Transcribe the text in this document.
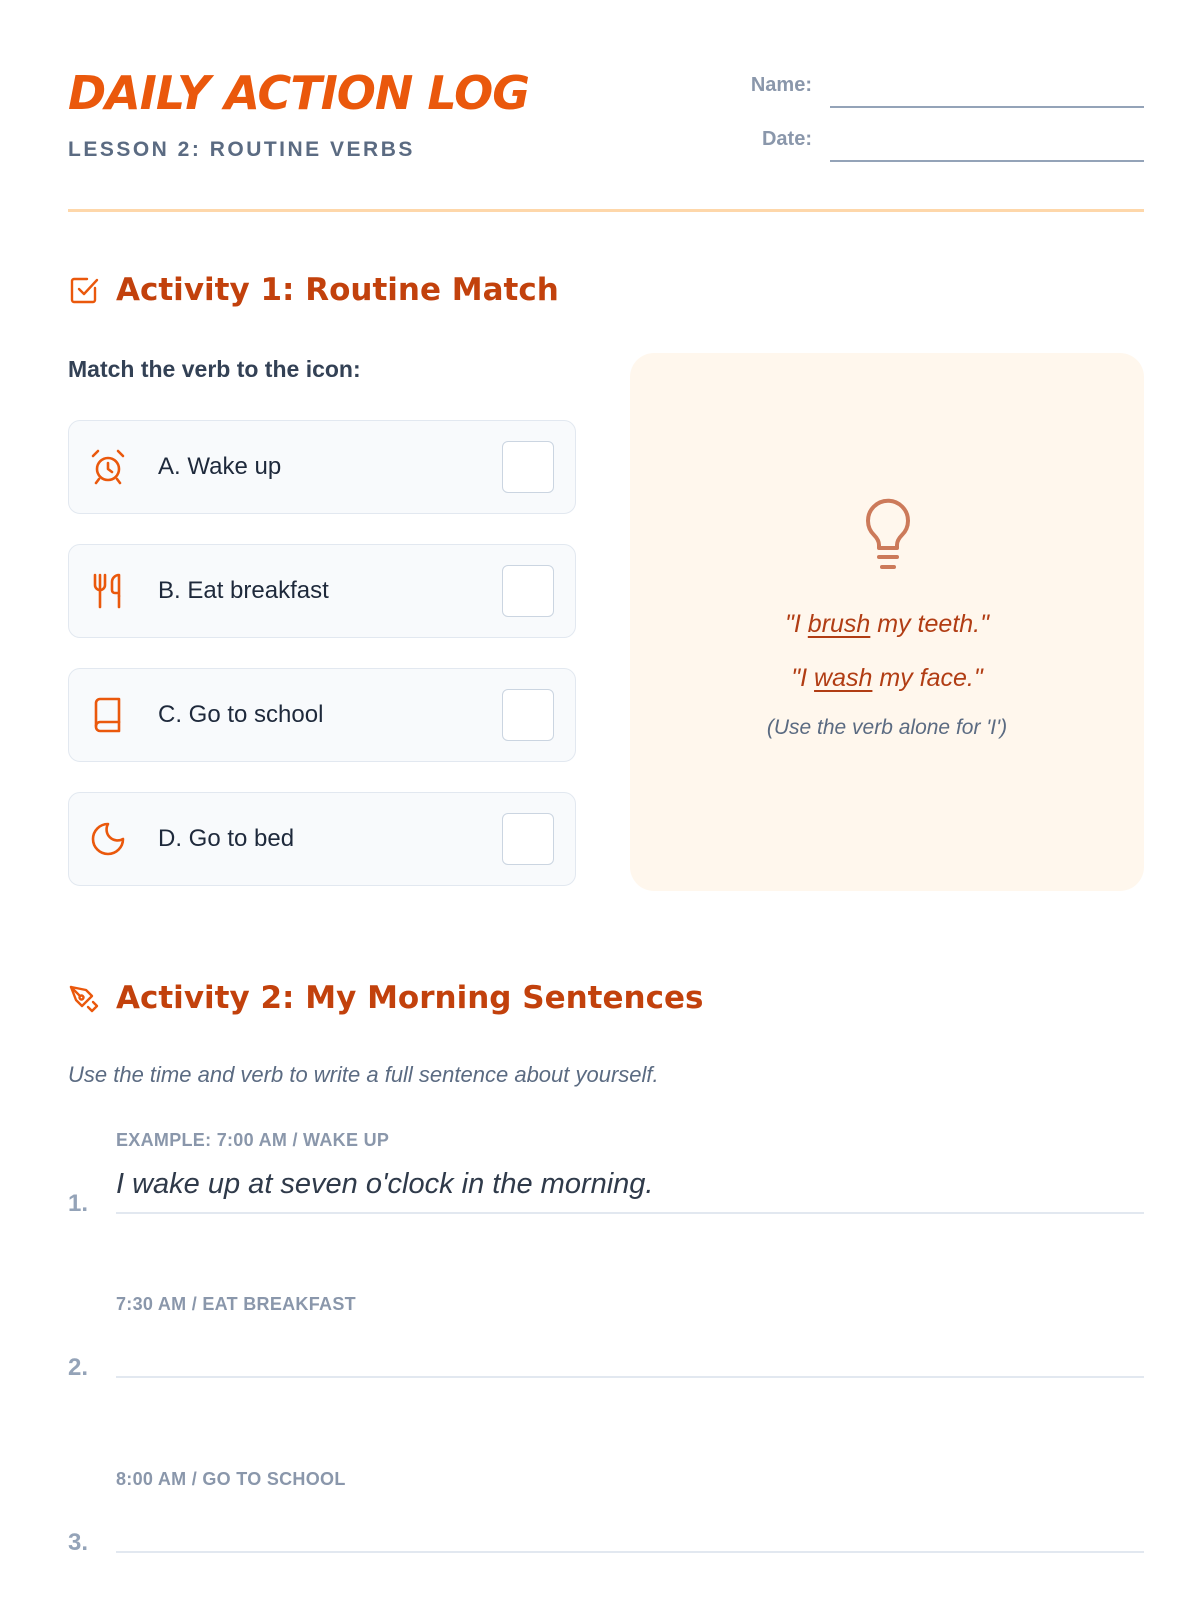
DAILY ACTION LOG
LESSON 2: ROUTINE VERBS
Name:
Date:
Activity 1: Routine Match
Match the verb to the icon:
A. Wake up
B. Eat breakfast
C. Go to school
D. Go to bed
"I brush my teeth."
"I wash my face."
(Use the verb alone for 'I')
Activity 2: My Morning Sentences
Use the time and verb to write a full sentence about yourself.
EXAMPLE: 7:00 AM / WAKE UP
1.
I wake up at seven o'clock in the morning.
7:30 AM / EAT BREAKFAST
2.
8:00 AM / GO TO SCHOOL
3.
